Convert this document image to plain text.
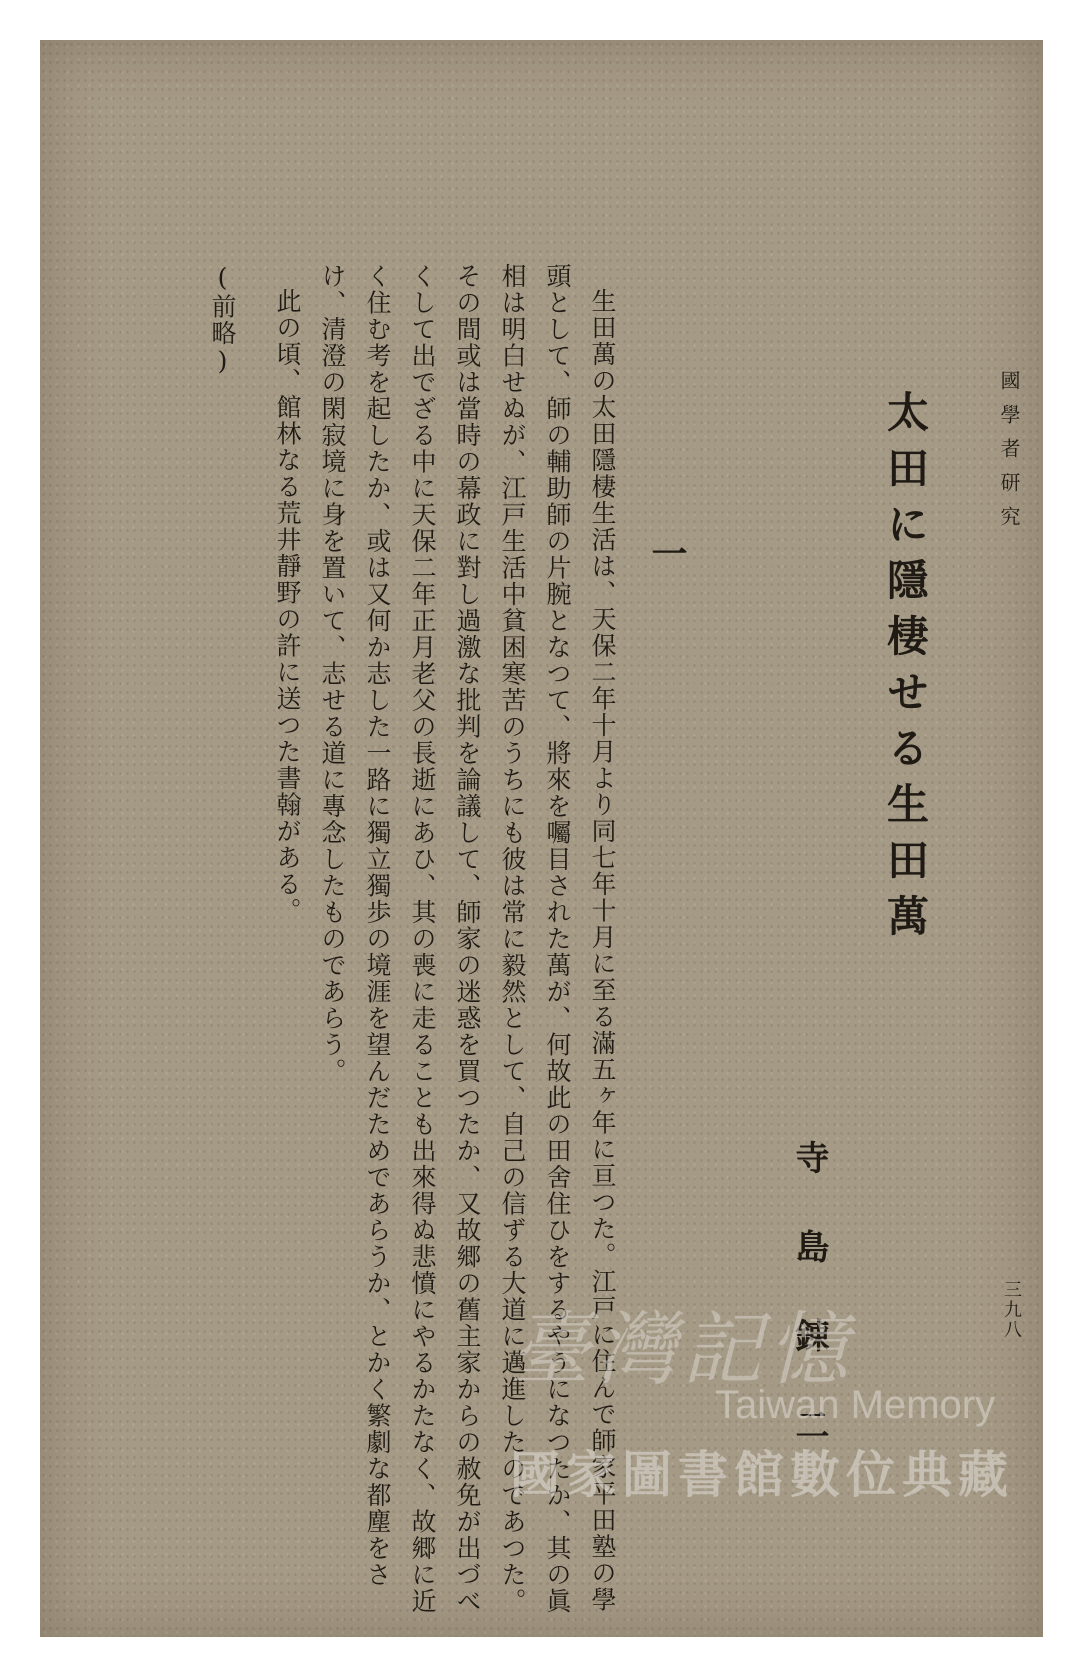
國學者研究
太田に隱棲せる生田萬
寺島錬二	三九八
一

生田萬の太田隱棲生活は、天保二年十月より同七年十月に至る滿五ヶ年に亘つた。江戸に住んで師家平田塾の學頭として、師の輔助師の片腕となつて、將來を囑目された萬が、何故此の田舍住ひをするやうになつたか、其の眞相は明白せぬが、江戸生活中貧困寒苦のうちにも彼は常に毅然として、自己の信ずる大道に邁進したのであつた。その間或は當時の幕政に對し過激な批判を論議して、師家の迷惑を買つたか、又故郷の舊主家からの赦免が出づべくして出でざる中に天保二年正月老父の長逝にあひ、其の喪に走ることも出來得ぬ悲憤にやるかたなく、故郷に近く住む考を起したか、或は又何か志した一路に獨立獨歩の境涯を望んだためであらうか、とかく繁劇な都塵をさけ、清澄の閑寂境に身を置いて、志せる道に專念したものであらう。

此の頃、館林なる荒井靜野の許に送つた書翰がある。

(前略)

臺灣記憶
Taiwan Memory
國家圖書館數位典藏
